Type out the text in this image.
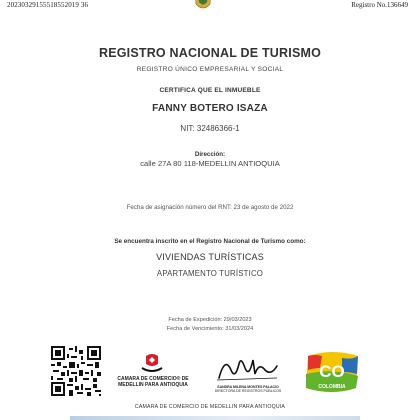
20230329155518552019 36	Registro No.136649
REGISTRO NACIONAL DE TURISMO
REGISTRO ÚNICO EMPRESARIAL Y SOCIAL
CERTIFICA QUE EL INMUEBLE
FANNY BOTERO ISAZA
NIT: 32486366-1
Dirección:
calle 27A 80 118-MEDELLIN ANTIOQUIA
Fecha de asignación número del RNT: 23 de agosto de 2022
Se encuentra inscrito en el Registro Nacional de Turismo como:
VIVIENDAS TURÍSTICAS
APARTAMENTO TURÍSTICO
Fecha de Expedición: 29/03/2023
Fecha de Vencimiento: 31/03/2024
CAMARA DE COMERCIO® DE MEDELLIN PARA ANTIOQUIA	SANDRA MILENA MONTES PALACIO
DIRECTORA DE REGISTROS PÚBLICOS
CO
COLOMBIA
CAMARA DE COMERCIO DE MEDELLIN PARA ANTIOQUIA
